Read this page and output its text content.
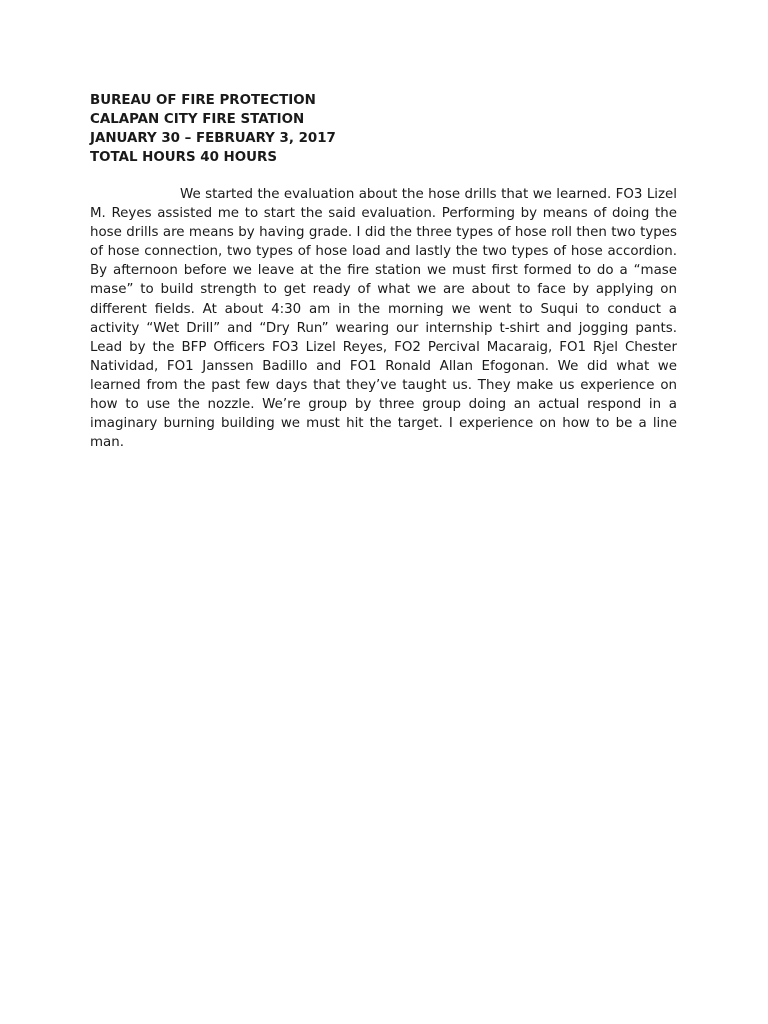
BUREAU OF FIRE PROTECTION
CALAPAN CITY FIRE STATION
JANUARY 30 – FEBRUARY 3, 2017
TOTAL HOURS 40 HOURS

We started the evaluation about the hose drills that we learned. FO3 Lizel M. Reyes assisted me to start the said evaluation. Performing by means of doing the hose drills are means by having grade. I did the three types of hose roll then two types of hose connection, two types of hose load and lastly the two types of hose accordion. By afternoon before we leave at the fire station we must first formed to do a “mase mase” to build strength to get ready of what we are about to face by applying on different fields. At about 4:30 am in the morning we went to Suqui to conduct a activity “Wet Drill” and “Dry Run” wearing our internship t-shirt and jogging pants. Lead by the BFP Officers FO3 Lizel Reyes, FO2 Percival Macaraig, FO1 Rjel Chester Natividad, FO1 Janssen Badillo and FO1 Ronald Allan Efogonan. We did what we learned from the past few days that they’ve taught us. They make us experience on how to use the nozzle. We’re group by three group doing an actual respond in a imaginary burning building we must hit the target. I experience on how to be a line man.
